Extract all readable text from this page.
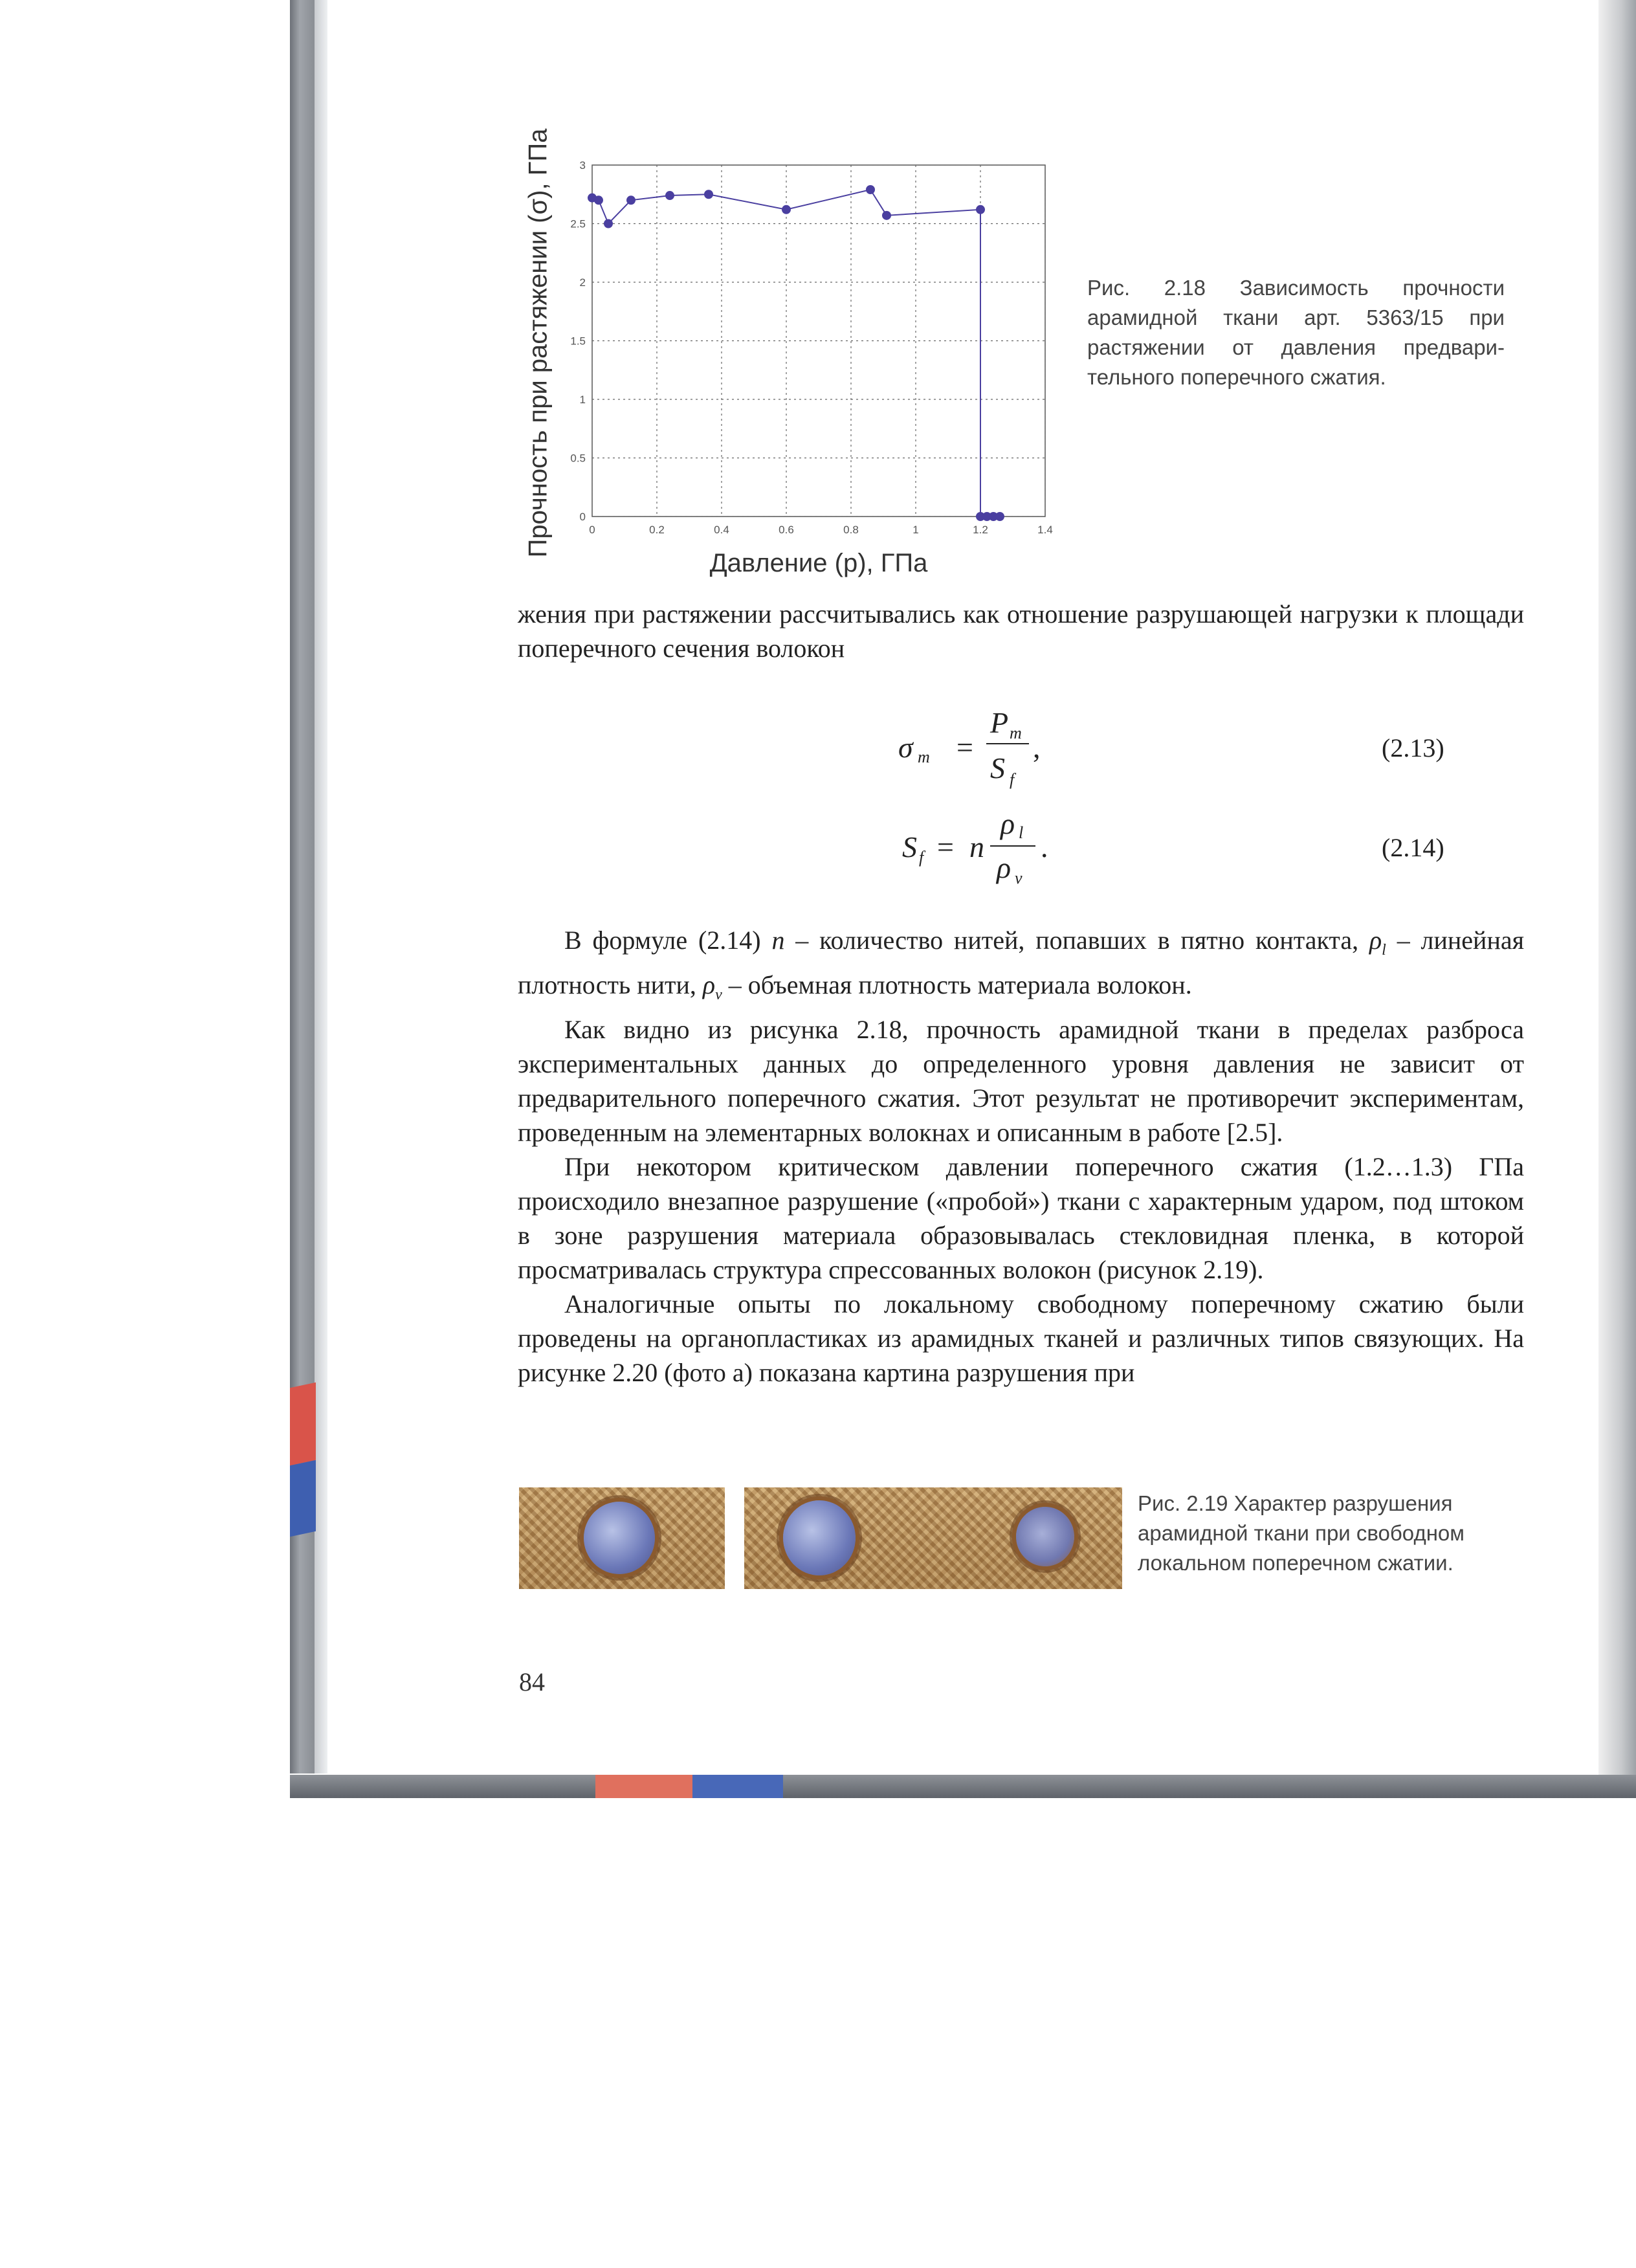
Прочность при растяжении (σ), ГПа	0	0.2	0.4	0.6	0.8	1	1.2	1.4
0
0.5
1
1.5
2
2.5
3
Давление (p), ГПа
Рис. 2.18 Зависимость прочности арамидной ткани арт. 5363/15 при растяжении от давления предварительного поперечного сжатия.

жения при растяжении рассчитывались как отношение разрушающей нагрузки к площади поперечного сечения волокон

σ m =
P m
S f
,	(2.13)
S f = n
ρ l
ρ v
.	(2.14)

В формуле (2.14) n – количество нитей, попавших в пятно контакта, $\rho_l$ – линейная плотность нити, $\rho_v$ – объемная плотность материала волокон.

Как видно из рисунка 2.18, прочность арамидной ткани в пределах разброса экспериментальных данных до определенного уровня давления не зависит от предварительного поперечного сжатия. Этот результат не противоречит экспериментам, проведенным на элементарных волокнах и описанным в работе [2.5].

При некотором критическом давлении поперечного сжатия (1.2…1.3) ГПа происходило внезапное разрушение («пробой») ткани с характерным ударом, под штоком в зоне разрушения материала образовывалась стекловидная пленка, в которой просматривалась структура спрессованных волокон (рисунок 2.19).

Аналогичные опыты по локальному свободному поперечному сжатию были проведены на органопластиках из арамидных тканей и различных типов связующих. На рисунке 2.20 (фото а) показана картина разрушения при

Рис. 2.19 Характер разрушения арамидной ткани при свободном локальном поперечном сжатии.
84
